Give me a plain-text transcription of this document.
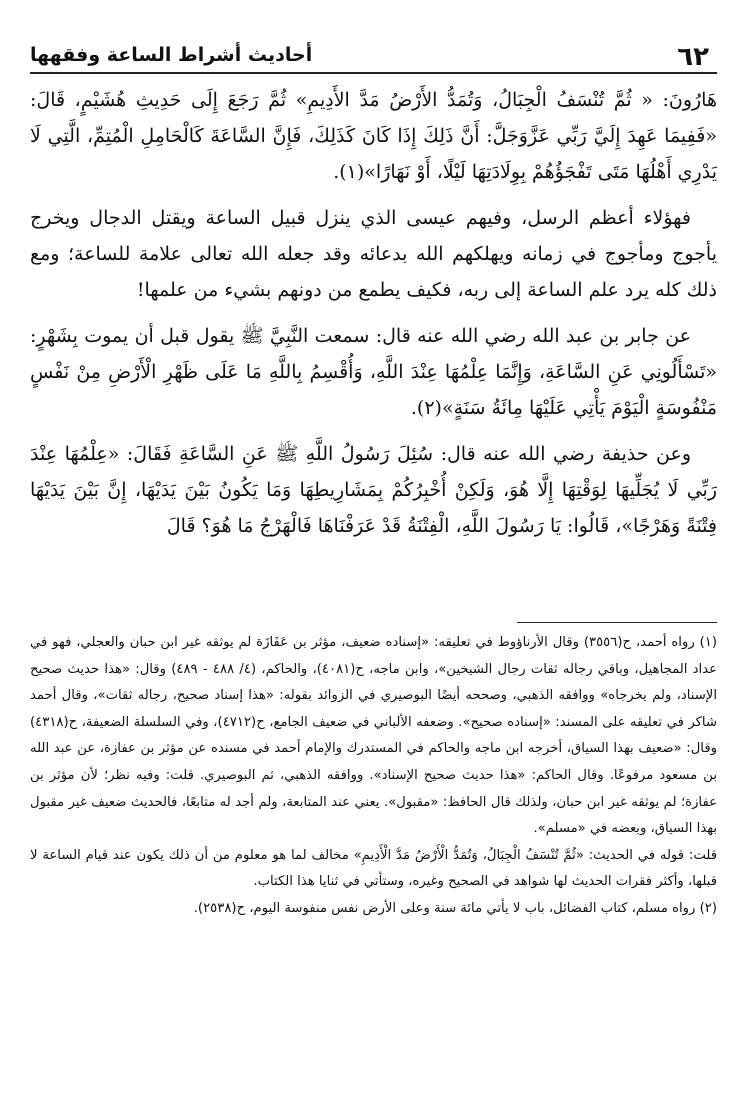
٦٢
أحاديث أشراط الساعة وفقهها

هَارُونَ: « ثُمَّ تُنْسَفُ الْجِبَالُ، وَتُمَدُّ الأَرْضُ مَدَّ الأَدِيمِ» ثُمَّ رَجَعَ إِلَى حَدِيثِ هُشَيْمٍ، قَالَ: «فَفِيمَا عَهِدَ إِلَيَّ رَبِّي عَزَّوَجَلَّ: أَنَّ ذَلِكَ إِذَا كَانَ كَذَلِكَ، فَإِنَّ السَّاعَةَ كَالْحَامِلِ الْمُتِمِّ، الَّتِي لَا يَدْرِي أَهْلُهَا مَتَى تَفْجَؤُهُمْ بِوِلَادَتِهَا لَيْلًا، أَوْ نَهَارًا»(١).

فهؤلاء أعظم الرسل، وفيهم عيسى الذي ينزل قبيل الساعة ويقتل الدجال ويخرج يأجوج ومأجوج في زمانه ويهلكهم الله بدعائه وقد جعله الله تعالى علامة للساعة؛ ومع ذلك كله يرد علم الساعة إلى ربه، فكيف يطمع من دونهم بشيء من علمها!

عن جابر بن عبد الله رضي الله عنه قال: سمعت النَّبِيَّ ﷺ يقول قبل أن يموت بِشَهْرٍ: «تَسْأَلُونِي عَنِ السَّاعَةِ، وَإِنَّمَا عِلْمُهَا عِنْدَ اللَّهِ، وَأُقْسِمُ بِاللَّهِ مَا عَلَى ظَهْرِ الْأَرْضِ مِنْ نَفْسٍ مَنْفُوسَةٍ الْيَوْمَ يَأْتِي عَلَيْهَا مِائَةُ سَنَةٍ»(٢).

وعن حذيفة رضي الله عنه قال: سُئِلَ رَسُولُ اللَّهِ ﷺ عَنِ السَّاعَةِ فَقَالَ: «عِلْمُهَا عِنْدَ رَبِّي لَا يُجَلِّيهَا لِوَقْتِهَا إِلَّا هُوَ، وَلَكِنْ أُخْبِرُكُمْ بِمَشَارِيطِهَا وَمَا يَكُونُ بَيْنَ يَدَيْهَا، إِنَّ بَيْنَ يَدَيْهَا فِتْنَةً وَهَرْجًا»، قَالُوا: يَا رَسُولَ اللَّهِ، الْفِتْنَةُ قَدْ عَرَفْنَاهَا فَالْهَرْجُ مَا هُوَ؟ قَالَ

(١) رواه أحمد، ح(٣٥٥٦) وقال الأرناؤوط في تعليقه: «إسناده ضعيف، مؤثر بن عَفَازَة لم يوثقه غير ابن حبان والعجلي، فهو في عداد المجاهيل، وباقي رجاله ثقات رجال الشيخين»، وابن ماجه، ح(٤٠٨١)، والحاكم، (٤/ ٤٨٨ - ٤٨٩) وقال: «هذا حديث صحيح الإسناد، ولم يخرجاه» ووافقه الذهبي، وصححه أيضًا البوصيري في الزوائد بقوله: «هذا إسناد صحيح، رجاله ثقات»، وقال أحمد شاكر في تعليقه على المسند: «إسناده صحيح». وضعفه الألباني في ضعيف الجامع، ح(٤٧١٢)، وفي السلسلة الضعيفة، ح(٤٣١٨) وقال: «ضعيف بهذا السياق، أخرجه ابن ماجه والحاكم في المستدرك والإمام أحمد في مسنده عن مؤثر بن عفازة، عن عبد الله بن مسعود مرفوعًا. وقال الحاكم: «هذا حديث صحيح الإسناد». ووافقه الذهبي، ثم البوصيري. قلت: وفيه نظر؛ لأن مؤثر بن عفازة؛ لم يوثقه غير ابن حبان، ولذلك قال الحافظ: «مقبول». يعني عند المتابعة، ولم أجد له متابعًا، فالحديث ضعيف غير مقبول بهذا السياق، وبعضه في «مسلم».

قلت: قوله في الحديث: «ثُمَّ تُنْسَفُ الْجِبَالُ، وَتُمَدُّ الْأَرْضُ مَدَّ الْأَدِيمِ» مخالف لما هو معلوم من أن ذلك يكون عند قيام الساعة لا قبلها، وأكثر فقرات الحديث لها شواهد في الصحيح وغيره، وستأتي في ثنايا هذا الكتاب.

(٢) رواه مسلم، كتاب الفضائل، باب لا يأتي مائة سنة وعلى الأرض نفس منفوسة اليوم، ح(٢٥٣٨).
